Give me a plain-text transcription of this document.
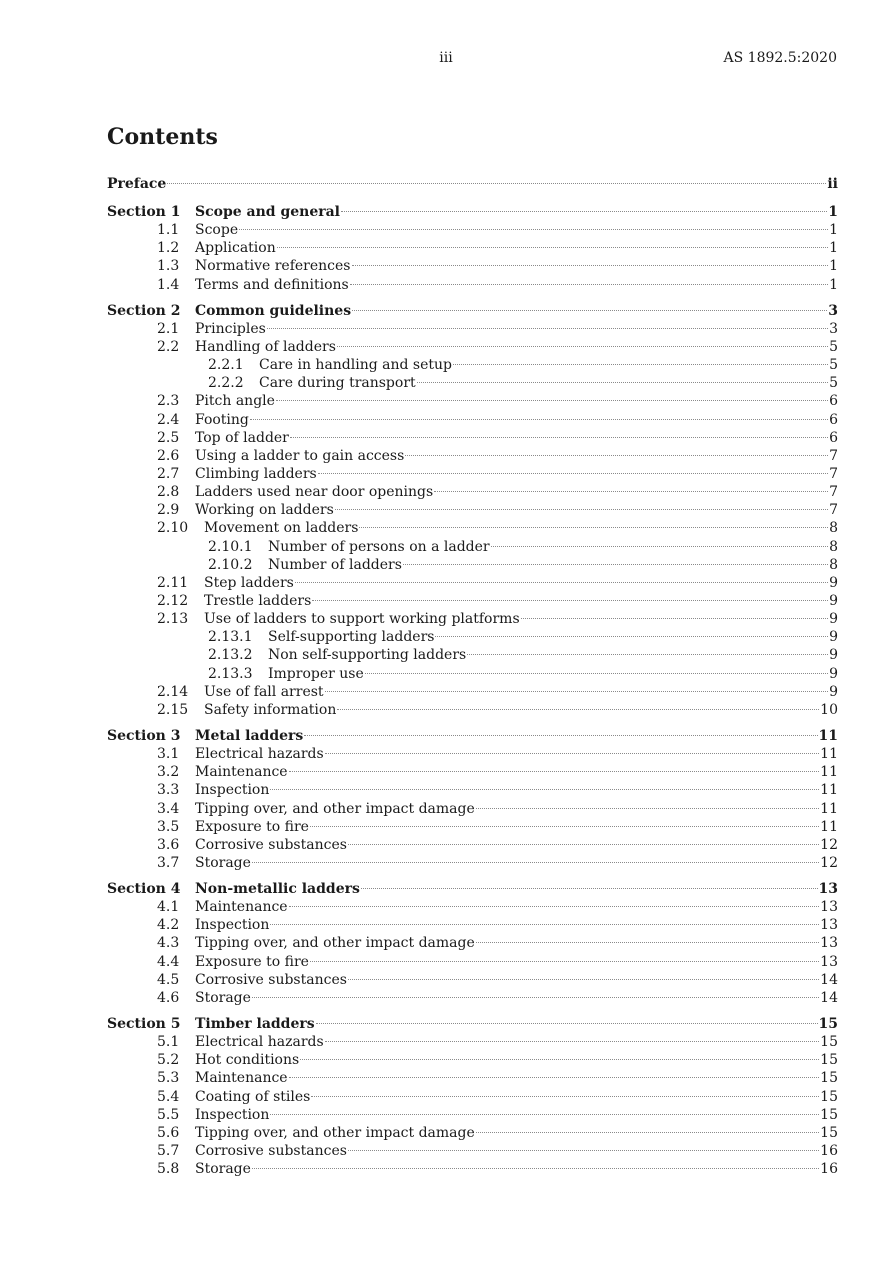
iii	AS 1892.5:2020
Contents
Preface	ii
Section 1	Scope and general	1
1.1	Scope	1
1.2	Application	1
1.3	Normative references	1
1.4	Terms and definitions	1
Section 2	Common guidelines	3
2.1	Principles	3
2.2	Handling of ladders	5
2.2.1	Care in handling and setup	5
2.2.2	Care during transport	5
2.3	Pitch angle	6
2.4	Footing	6
2.5	Top of ladder	6
2.6	Using a ladder to gain access	7
2.7	Climbing ladders	7
2.8	Ladders used near door openings	7
2.9	Working on ladders	7
2.10	Movement on ladders	8
2.10.1	Number of persons on a ladder	8
2.10.2	Number of ladders	8
2.11	Step ladders	9
2.12	Trestle ladders	9
2.13	Use of ladders to support working platforms	9
2.13.1	Self-supporting ladders	9
2.13.2	Non self-supporting ladders	9
2.13.3	Improper use	9
2.14	Use of fall arrest	9
2.15	Safety information	10
Section 3	Metal ladders	11
3.1	Electrical hazards	11
3.2	Maintenance	11
3.3	Inspection	11
3.4	Tipping over, and other impact damage	11
3.5	Exposure to fire	11
3.6	Corrosive substances	12
3.7	Storage	12
Section 4	Non-metallic ladders	13
4.1	Maintenance	13
4.2	Inspection	13
4.3	Tipping over, and other impact damage	13
4.4	Exposure to fire	13
4.5	Corrosive substances	14
4.6	Storage	14
Section 5	Timber ladders	15
5.1	Electrical hazards	15
5.2	Hot conditions	15
5.3	Maintenance	15
5.4	Coating of stiles	15
5.5	Inspection	15
5.6	Tipping over, and other impact damage	15
5.7	Corrosive substances	16
5.8	Storage	16
